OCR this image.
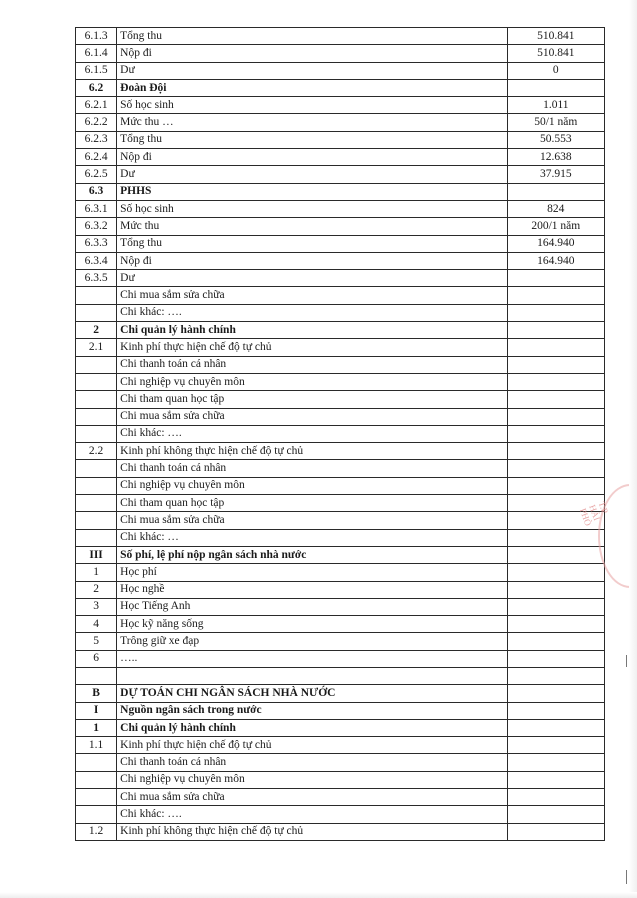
6.1.3	Tổng thu	510.841
6.1.4	Nộp đi	510.841
6.1.5	Dư	0
6.2	Đoàn Đội	
6.2.1	Số học sinh	1.011
6.2.2	Mức thu …	50/1 năm
6.2.3	Tổng thu	50.553
6.2.4	Nộp đi	12.638
6.2.5	Dư	37.915
6.3	PHHS	
6.3.1	Số học sinh	824
6.3.2	Mức thu	200/1 năm
6.3.3	Tổng thu	164.940
6.3.4	Nộp đi	164.940
6.3.5	Dư	
	Chi mua sắm sửa chữa	
	Chi khác: ….	
2	Chi quản lý hành chính	
2.1	Kinh phí thực hiện chế độ tự chủ	
	Chi thanh toán cá nhân	
	Chi nghiệp vụ chuyên môn	
	Chi tham quan học tập	
	Chi mua sắm sửa chữa	
	Chi khác: ….	
2.2	Kinh phí không thực hiện chế độ tự chủ	
	Chi thanh toán cá nhân	
	Chi nghiệp vụ chuyên môn	
	Chi tham quan học tập	
	Chi mua sắm sửa chữa	
	Chi khác: …	
III	Số phí, lệ phí nộp ngân sách nhà nước	
1	Học phí	
2	Học nghề	
3	Học Tiếng Anh	
4	Học kỹ năng sống	
5	Trông giữ xe đạp	
6	…..	

B	DỰ TOÁN CHI NGÂN SÁCH NHÀ NƯỚC	
I	Nguồn ngân sách trong nước	
1	Chi quản lý hành chính	
1.1	Kinh phí thực hiện chế độ tự chủ	
	Chi thanh toán cá nhân	
	Chi nghiệp vụ chuyên môn	
	Chi mua sắm sửa chữa	
	Chi khác: ….	
1.2	Kinh phí không thực hiện chế độ tự chủ	
T.P HẢI PHÒ
